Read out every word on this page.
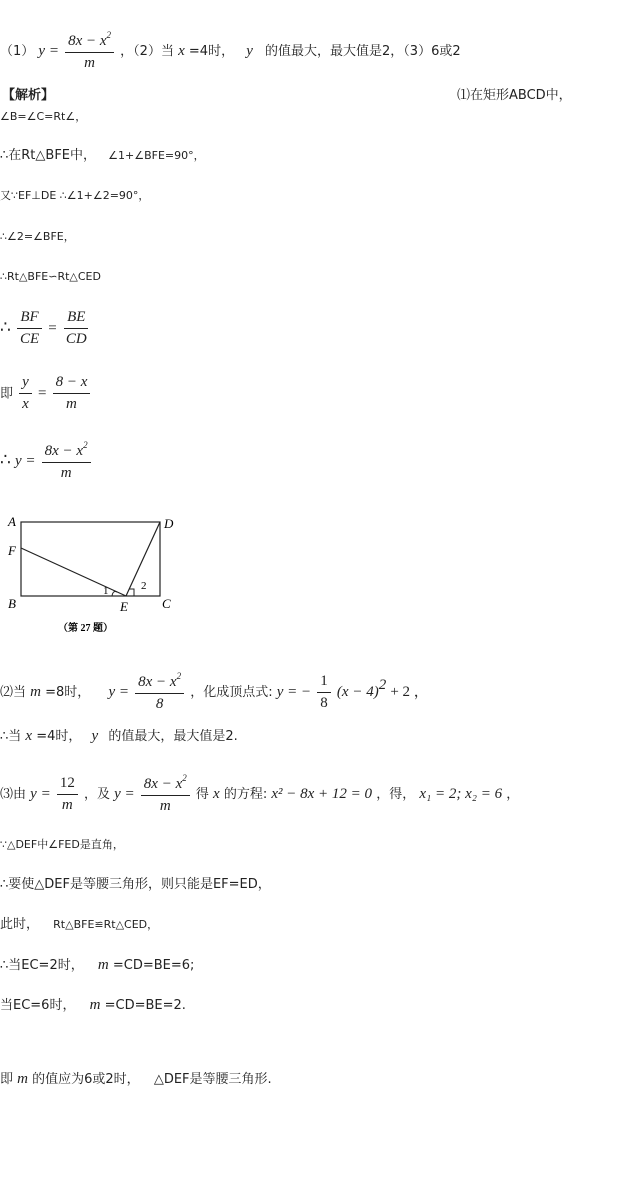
（1） $y = \frac{8x - x^2}{m}$ ，（2）当 x =4时， y 的值最大，最大值是2，（3）6或2
【解析】	⑴在矩形ABCD中，
∠B=∠C=Rt∠，
∴在Rt△BFE中， ∠1+∠BFE=90°，
又∵EF⊥DE ∴∠1+∠2=90°，
∴∠2=∠BFE，
∴Rt△BFE∽Rt△CED
∴ $\frac{BF}{CE} = \frac{BE}{CD}$
即 $\frac{y}{x} = \frac{8 - x}{m}$
∴ $y = \frac{8x - x^2}{m}$
A
F
B	E	C
D
1	2
（第 27 题）
⑵当 m =8时， $y = \frac{8x - x^2}{8}$ ，化成顶点式: y = − $\frac{1}{8} (x - 4)^2 + 2$ ，
∴当 x =4时， y 的值最大，最大值是2.
⑶由 $y = \frac{12}{m}$ ，及 $y = \frac{8x - x^2}{m}$ 得 x 的方程: x² − 8x + 12 = 0 ，得， x₁ = 2; x₂ = 6 ，
∵△DEF中∠FED是直角，
∴要使△DEF是等腰三角形，则只能是EF=ED，
此时， Rt△BFE≌Rt△CED，
∴当EC=2时， m =CD=BE=6;
当EC=6时， m =CD=BE=2.
即 m 的值应为6或2时， △DEF是等腰三角形.
